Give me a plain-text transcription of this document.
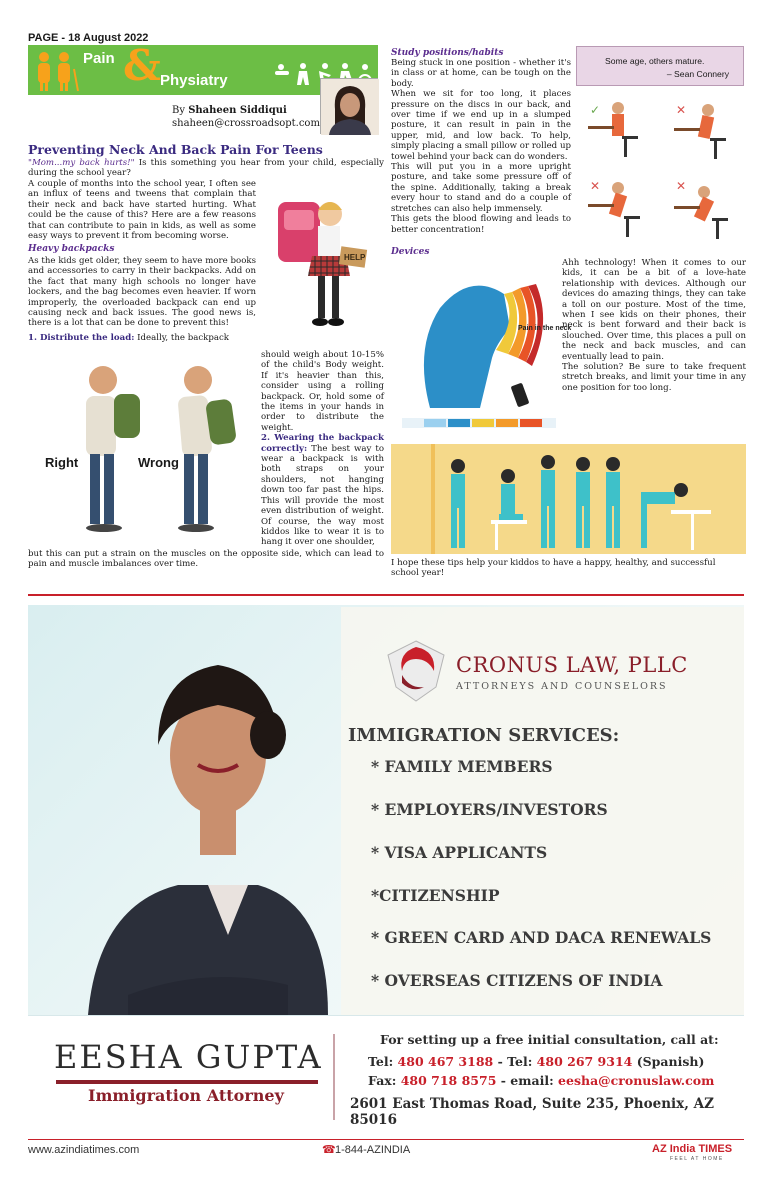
PAGE - 18 August 2022
Pain & Physiatry
By Shaheen Siddiqui
shaheen@crossroadsopt.com
Preventing Neck And Back Pain For Teens
"Mom...my back hurts!" Is this something you hear from your child, especially during the school year?
A couple of months into the school year, I often see an influx of teens and tweens that complain that their neck and back have started hurting. What could be the cause of this? Here are a few reasons that can contribute to pain in kids, as well as some easy ways to prevent it from becoming worse.
Heavy backpacks
As the kids get older, they seem to have more books and accessories to carry in their backpacks. Add on the fact that many high schools no longer have lockers, and the bag becomes even heavier. If worn improperly, the overloaded backpack can end up causing neck and back issues. The good news is, there is a lot that can be done to prevent this!
1. Distribute the load: Ideally, the backpack
HELP
Right	Wrong
should weigh about 10-15% of the child's Body weight. If it's heavier than this, consider using a rolling backpack. Or, hold some of the items in your hands in order to distribute the weight.
2. Wearing the backpack correctly: The best way to wear a backpack is with both straps on your shoulders, not hanging down too far past the hips. This will provide the most even distribution of weight. Of course, the way most kiddos like to wear it is to hang it over one shoulder,
but this can put a strain on the muscles on the opposite side, which can lead to pain and muscle imbalances over time.
Study positions/habits
Being stuck in one position - whether it's in class or at home, can be tough on the body.
When we sit for too long, it places pressure on the discs in our back, and over time if we end up in a slumped posture, it can result in pain in the upper, mid, and low back. To help, simply placing a small pillow or rolled up towel behind your back can do wonders.
This will put you in a more upright posture, and take some pressure off of the spine. Additionally, taking a break every hour to stand and do a couple of stretches can also help immensely.
This gets the blood flowing and leads to better concentration!
Some age, others mature.
– Sean Connery
✓	✕
✕	✕
Devices
Pain in the neck
Ahh technology! When it comes to our kids, it can be a bit of a love-hate relationship with devices. Although our devices do amazing things, they can take a toll on our posture. Most of the time, when I see kids on their phones, their neck is bent forward and their back is slouched. Over time, this places a pull on the neck and back muscles, and can eventually lead to pain.
The solution? Be sure to take frequent stretch breaks, and limit your time in any one position for too long.
I hope these tips help your kiddos to have a happy, healthy, and successful school year!
CRONUS LAW, PLLC
ATTORNEYS AND COUNSELORS
IMMIGRATION SERVICES:
* FAMILY MEMBERS
* EMPLOYERS/INVESTORS
* VISA APPLICANTS
*CITIZENSHIP
* GREEN CARD AND DACA RENEWALS
* OVERSEAS CITIZENS OF INDIA
EESHA GUPTA
Immigration Attorney
For setting up a free initial consultation, call at:
Tel: 480 467 3188 - Tel: 480 267 9314 (Spanish)
Fax: 480 718 8575 - email: eesha@cronuslaw.com
2601 East Thomas Road, Suite 235, Phoenix, AZ 85016
www.azindiatimes.com	☎ 1-844-AZINDIA	AZ India TIMES
FEEL AT HOME
